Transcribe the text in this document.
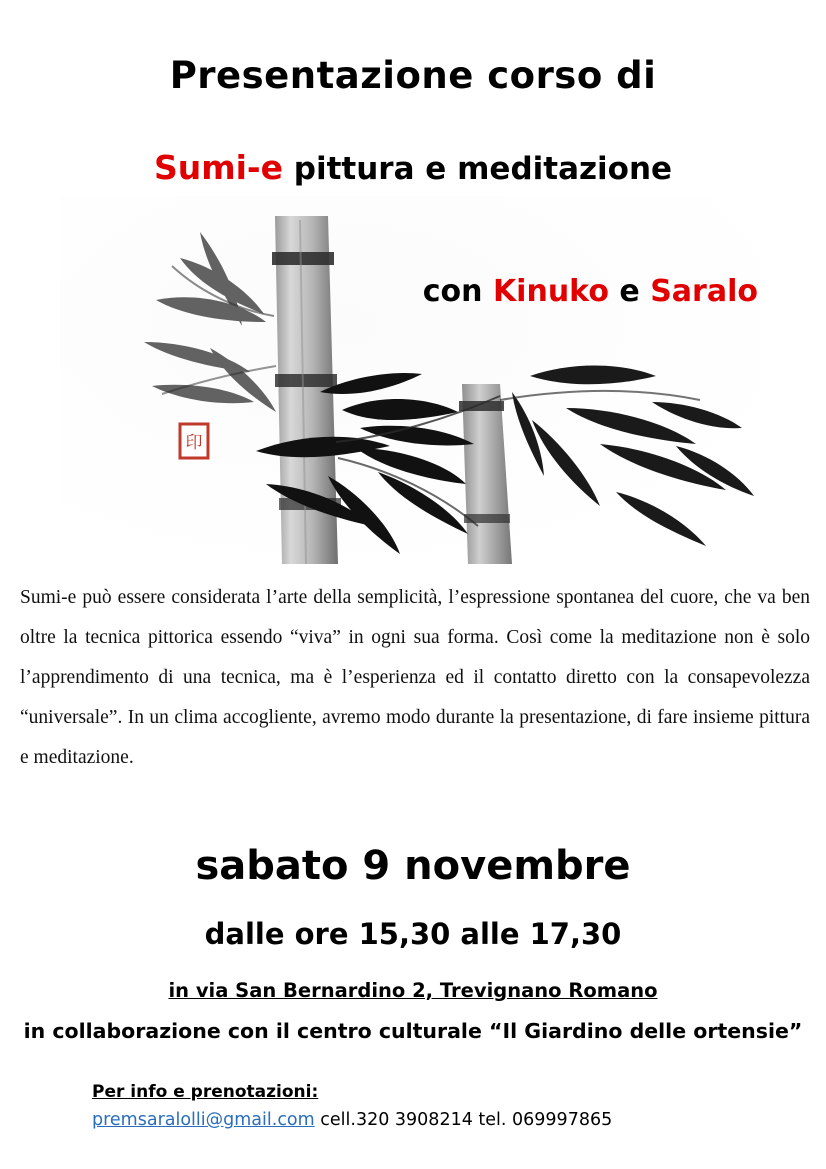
Presentazione corso di
Sumi-e pittura e meditazione
印
con Kinuko e Saralo
Sumi-e può essere considerata l’arte della semplicità, l’espressione spontanea del cuore, che va ben oltre la tecnica pittorica essendo “viva” in ogni sua forma. Così come la meditazione non è solo l’apprendimento di una tecnica, ma è l’esperienza ed il contatto diretto con la consapevolezza “universale”. In un clima accogliente, avremo modo durante la presentazione, di fare insieme pittura e meditazione.
sabato 9 novembre
dalle ore 15,30 alle 17,30
in via San Bernardino 2, Trevignano Romano
in collaborazione con il centro culturale “Il Giardino delle ortensie”
Per info e prenotazioni:
premsaralolli@gmail.com cell.320 3908214 tel. 069997865
